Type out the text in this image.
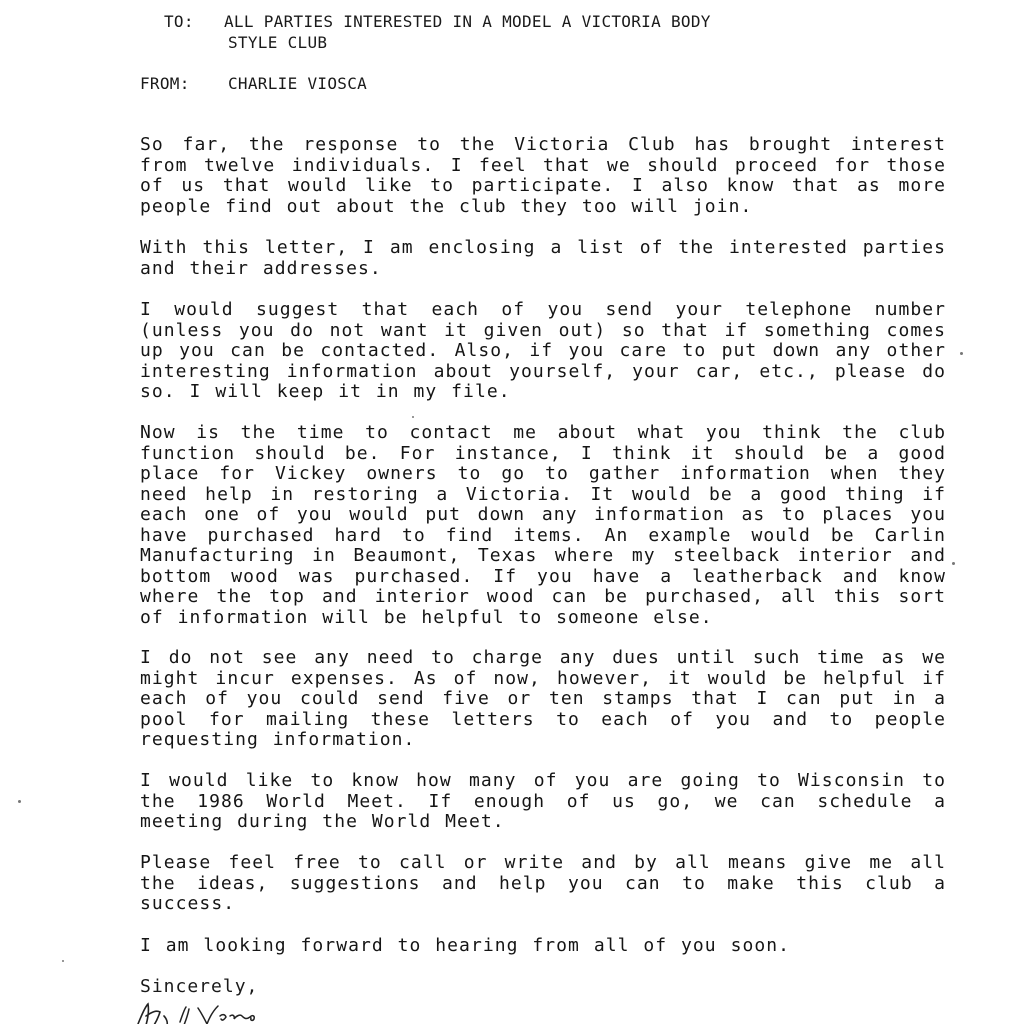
TO: ALL PARTIES INTERESTED IN A MODEL A VICTORIA BODY
STYLE CLUB
FROM: CHARLIE VIOSCA

So far, the response to the Victoria Club has brought interest from twelve individuals. I feel that we should proceed for those of us that would like to participate. I also know that as more people find out about the club they too will join.

With this letter, I am enclosing a list of the interested parties and their addresses.

I would suggest that each of you send your telephone number (unless you do not want it given out) so that if something comes up you can be contacted. Also, if you care to put down any other interesting information about yourself, your car, etc., please do so. I will keep it in my file.

Now is the time to contact me about what you think the club function should be. For instance, I think it should be a good place for Vickey owners to go to gather information when they need help in restoring a Victoria. It would be a good thing if each one of you would put down any information as to places you have purchased hard to find items. An example would be Carlin Manufacturing in Beaumont, Texas where my steelback interior and bottom wood was purchased. If you have a leatherback and know where the top and interior wood can be purchased, all this sort of information will be helpful to someone else.

I do not see any need to charge any dues until such time as we might incur expenses. As of now, however, it would be helpful if each of you could send five or ten stamps that I can put in a pool for mailing these letters to each of you and to people requesting information.

I would like to know how many of you are going to Wisconsin to the 1986 World Meet. If enough of us go, we can schedule a meeting during the World Meet.

Please feel free to call or write and by all means give me all the ideas, suggestions and help you can to make this club a success.

I am looking forward to hearing from all of you soon.

Sincerely,
